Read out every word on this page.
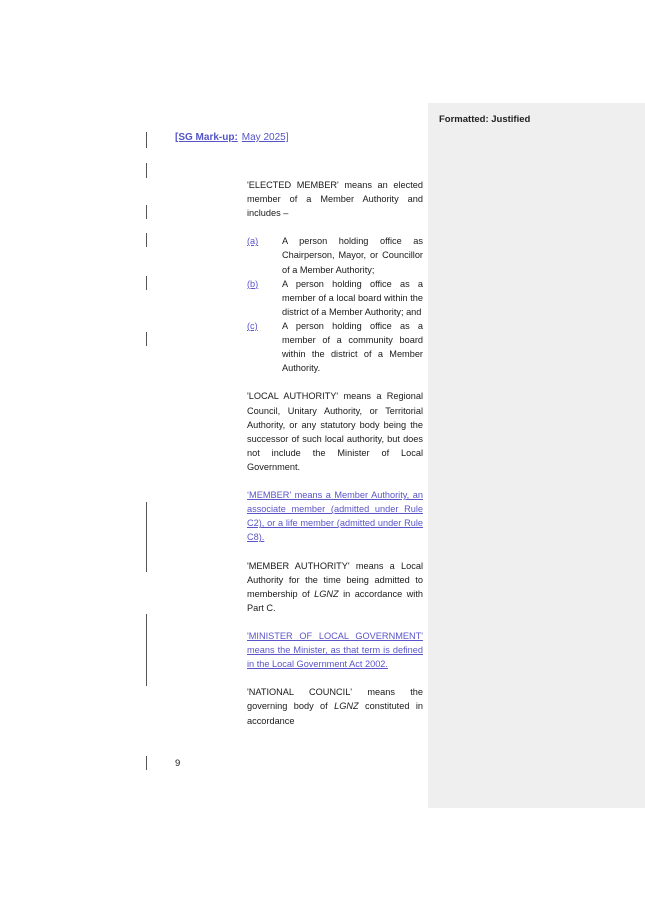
Formatted: Justified
[SG Mark-up: May 2025]

'ELECTED MEMBER' means an elected member of a Member Authority and includes –

(a)	A person holding office as Chairperson, Mayor, or Councillor of a Member Authority;
(b)	A person holding office as a member of a local board within the district of a Member Authority; and
(c)	A person holding office as a member of a community board within the district of a Member Authority.

'LOCAL AUTHORITY' means a Regional Council, Unitary Authority, or Territorial Authority, or any statutory body being the successor of such local authority, but does not include the Minister of Local Government.

‘MEMBER’ means a Member Authority, an associate member (admitted under Rule C2), or a life member (admitted under Rule C8).

'MEMBER AUTHORITY' means a Local Authority for the time being admitted to membership of LGNZ in accordance with Part C.

'MINISTER OF LOCAL GOVERNMENT' means the Minister, as that term is defined in the Local Government Act 2002.

'NATIONAL COUNCIL' means the governing body of LGNZ constituted in accordance

9
